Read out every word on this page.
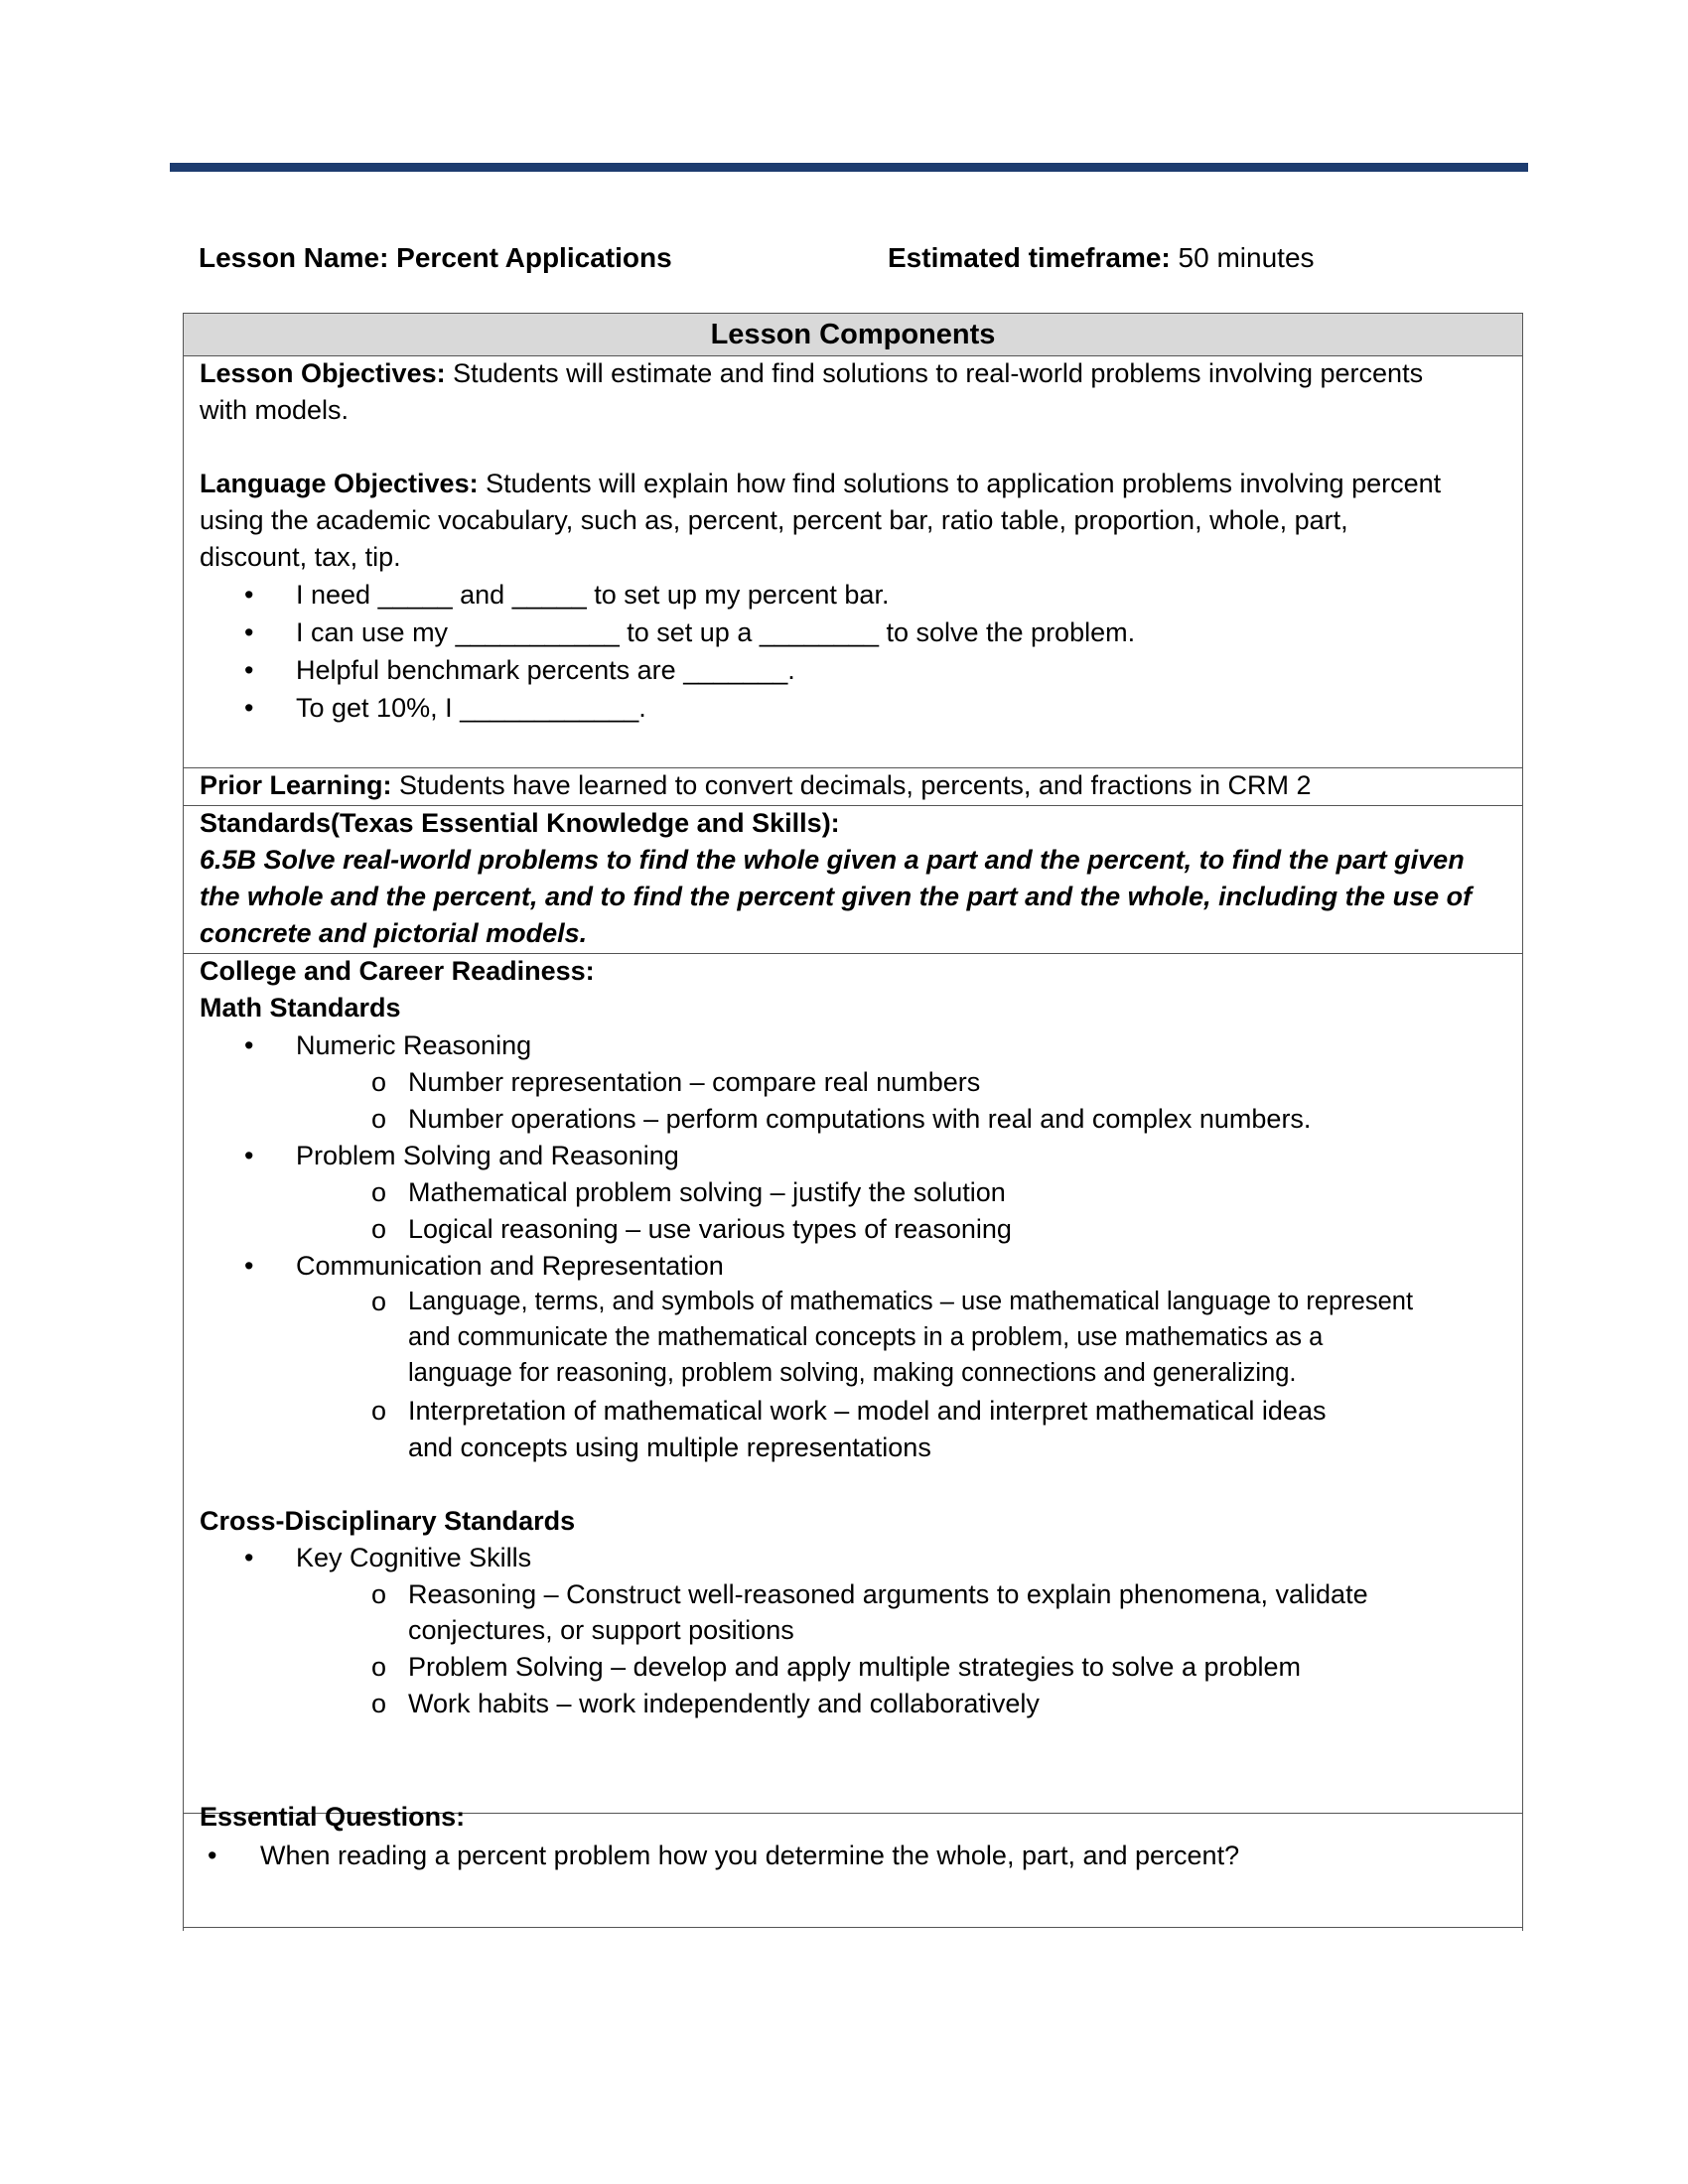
Lesson Name: Percent Applications	Estimated timeframe: 50 minutes
Lesson Components
Lesson Objectives: Students will estimate and find solutions to real-world problems involving percents
with models.
Language Objectives: Students will explain how find solutions to application problems involving percent
using the academic vocabulary, such as, percent, percent bar, ratio table, proportion, whole, part,
discount, tax, tip.
• I need _____ and _____ to set up my percent bar.
• I can use my ___________ to set up a ________ to solve the problem.
• Helpful benchmark percents are _______.
• To get 10%, I ____________.
Prior Learning: Students have learned to convert decimals, percents, and fractions in CRM 2
Standards(Texas Essential Knowledge and Skills):
6.5B Solve real-world problems to find the whole given a part and the percent, to find the part given
the whole and the percent, and to find the percent given the part and the whole, including the use of
concrete and pictorial models.
College and Career Readiness:
Math Standards
• Numeric Reasoning
o Number representation – compare real numbers
o Number operations – perform computations with real and complex numbers.
• Problem Solving and Reasoning
o Mathematical problem solving – justify the solution
o Logical reasoning – use various types of reasoning
• Communication and Representation
o Language, terms, and symbols of mathematics – use mathematical language to represent
and communicate the mathematical concepts in a problem, use mathematics as a
language for reasoning, problem solving, making connections and generalizing.
o Interpretation of mathematical work – model and interpret mathematical ideas
and concepts using multiple representations
Cross-Disciplinary Standards
• Key Cognitive Skills
o Reasoning – Construct well-reasoned arguments to explain phenomena, validate
conjectures, or support positions
o Problem Solving – develop and apply multiple strategies to solve a problem
o Work habits – work independently and collaboratively
Essential Questions:
• When reading a percent problem how you determine the whole, part, and percent?
